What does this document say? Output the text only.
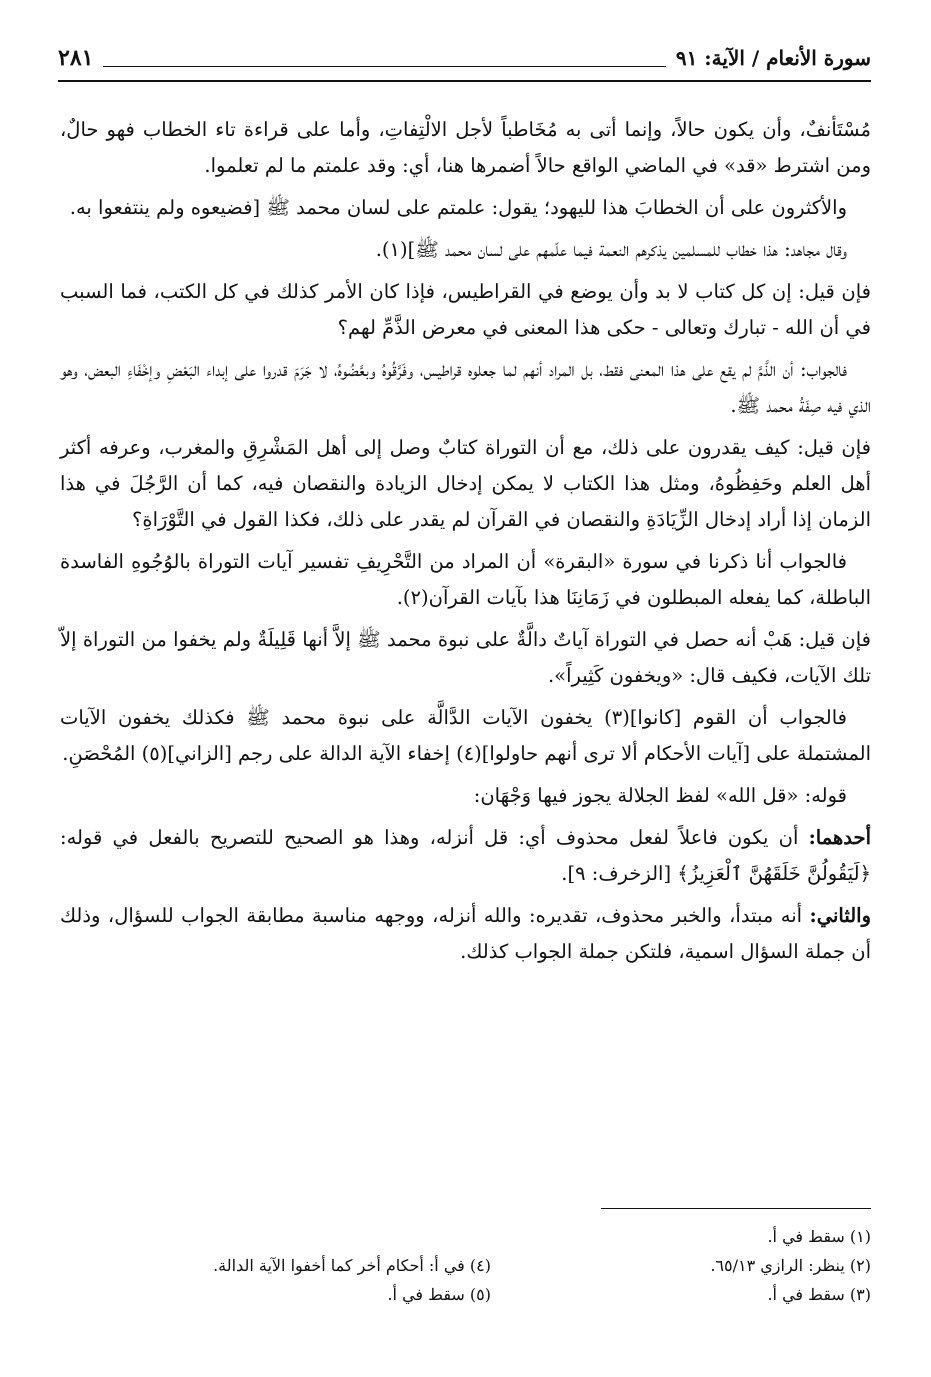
سورة الأنعام / الآية: ٩١
٢٨١

مُسْتَأنفٌ، وأن يكون حالاً، وإنما أتى به مُخَاطباً لأجل الالْتِفاتِ، وأما على قراءة تاء الخطاب فهو حالٌ، ومن اشترط «قد» في الماضي الواقع حالاً أضمرها هنا، أي: وقد علمتم ما لم تعلموا.

والأكثرون على أن الخطابَ هذا لليهود؛ يقول: علمتم على لسان محمد ﷺ [فضيعوه ولم ينتفعوا به.

وقال مجاهد: هذا خطاب للمسلمين يذكرهم النعمة فيما علّمهم على لسان محمد ﷺ](١).

فإن قيل: إن كل كتاب لا بد وأن يوضع في القراطيس، فإذا كان الأمر كذلك في كل الكتب، فما السبب في أن الله - تبارك وتعالى - حكى هذا المعنى في معرض الذَّمِّ لهم؟

فالجواب: أن الذَّمَّ لم يقع على هذا المعنى فقط، بل المراد أنهم لما جعلوه قراطيس، وفَرَّقُوهُ وبعَّضُوهُ، لا جَرَمَ قدروا على إبداء البَعْضِ وإخْفَاءِ البعض، وهو الذي فيه صِفَةُ محمد ﷺ.

فإن قيل: كيف يقدرون على ذلك، مع أن التوراة كتابٌ وصل إلى أهل المَشْرِقِ والمغرب، وعرفه أكثر أهل العلم وحَفِظُوهُ، ومثل هذا الكتاب لا يمكن إدخال الزيادة والنقصان فيه، كما أن الرَّجُلَ في هذا الزمان إذا أراد إدخال الزِّيَادَةِ والنقصان في القرآن لم يقدر على ذلك، فكذا القول في التَّوْرَاةِ؟

فالجواب أنا ذكرنا في سورة «البقرة» أن المراد من التَّحْرِيفِ تفسير آيات التوراة بالوُجُوهِ الفاسدة الباطلة، كما يفعله المبطلون في زَمَانِنَا هذا بآيات القرآن(٢).

فإن قيل: هَبْ أنه حصل في التوراة آياتٌ دالَّةٌ على نبوة محمد ﷺ إلاَّ أنها قَلِيلَةٌ ولم يخفوا من التوراة إلاّ تلك الآيات، فكيف قال: «ويخفون كَثِيراً».

فالجواب أن القوم [كانوا](٣) يخفون الآيات الدَّالَّة على نبوة محمد ﷺ فكذلك يخفون الآيات المشتملة على [آيات الأحكام ألا ترى أنهم حاولوا](٤) إخفاء الآية الدالة على رجم [الزاني](٥) المُحْصَنِ.

قوله: «قل الله» لفظ الجلالة يجوز فيها وَجْهَان:

أحدهما: أن يكون فاعلاً لفعل محذوف أي: قل أنزله، وهذا هو الصحيح للتصريح بالفعل في قوله: ﴿لَيَقُولُنَّ خَلَقَهُنَّ ٱلْعَزِيزُ﴾ [الزخرف: ٩].

والثاني: أنه مبتدأ، والخبر محذوف، تقديره: والله أنزله، ووجهه مناسبة مطابقة الجواب للسؤال، وذلك أن جملة السؤال اسمية، فلتكن جملة الجواب كذلك.

(١) سقط في أ.
(٢) ينظر: الرازي ٦٥/١٣.
(٤) في أ: أحكام أخر كما أخفوا الآية الدالة.
(٣) سقط في أ.
(٥) سقط في أ.
